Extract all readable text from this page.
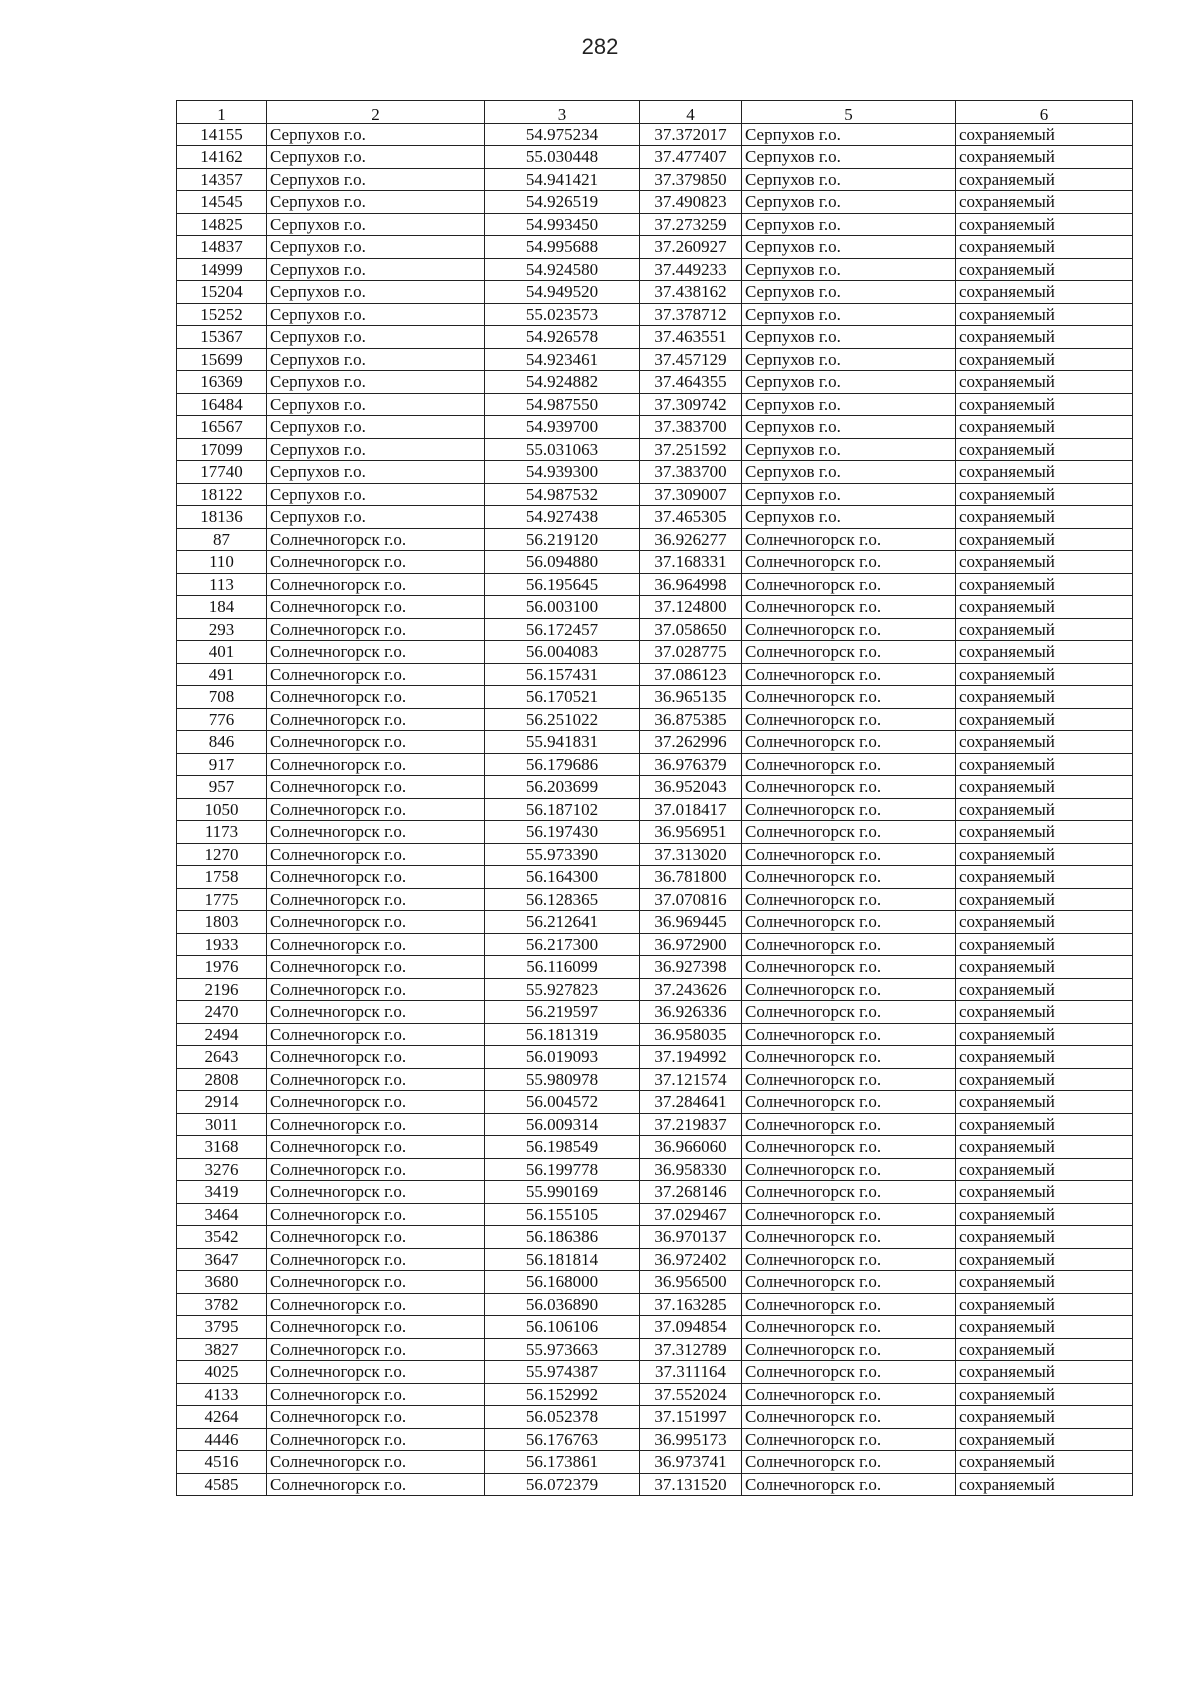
282
1	2	3	4	5	6
14155	Серпухов г.о.	54.975234	37.372017	Серпухов г.о.	сохраняемый
14162	Серпухов г.о.	55.030448	37.477407	Серпухов г.о.	сохраняемый
14357	Серпухов г.о.	54.941421	37.379850	Серпухов г.о.	сохраняемый
14545	Серпухов г.о.	54.926519	37.490823	Серпухов г.о.	сохраняемый
14825	Серпухов г.о.	54.993450	37.273259	Серпухов г.о.	сохраняемый
14837	Серпухов г.о.	54.995688	37.260927	Серпухов г.о.	сохраняемый
14999	Серпухов г.о.	54.924580	37.449233	Серпухов г.о.	сохраняемый
15204	Серпухов г.о.	54.949520	37.438162	Серпухов г.о.	сохраняемый
15252	Серпухов г.о.	55.023573	37.378712	Серпухов г.о.	сохраняемый
15367	Серпухов г.о.	54.926578	37.463551	Серпухов г.о.	сохраняемый
15699	Серпухов г.о.	54.923461	37.457129	Серпухов г.о.	сохраняемый
16369	Серпухов г.о.	54.924882	37.464355	Серпухов г.о.	сохраняемый
16484	Серпухов г.о.	54.987550	37.309742	Серпухов г.о.	сохраняемый
16567	Серпухов г.о.	54.939700	37.383700	Серпухов г.о.	сохраняемый
17099	Серпухов г.о.	55.031063	37.251592	Серпухов г.о.	сохраняемый
17740	Серпухов г.о.	54.939300	37.383700	Серпухов г.о.	сохраняемый
18122	Серпухов г.о.	54.987532	37.309007	Серпухов г.о.	сохраняемый
18136	Серпухов г.о.	54.927438	37.465305	Серпухов г.о.	сохраняемый
87	Солнечногорск г.о.	56.219120	36.926277	Солнечногорск г.о.	сохраняемый
110	Солнечногорск г.о.	56.094880	37.168331	Солнечногорск г.о.	сохраняемый
113	Солнечногорск г.о.	56.195645	36.964998	Солнечногорск г.о.	сохраняемый
184	Солнечногорск г.о.	56.003100	37.124800	Солнечногорск г.о.	сохраняемый
293	Солнечногорск г.о.	56.172457	37.058650	Солнечногорск г.о.	сохраняемый
401	Солнечногорск г.о.	56.004083	37.028775	Солнечногорск г.о.	сохраняемый
491	Солнечногорск г.о.	56.157431	37.086123	Солнечногорск г.о.	сохраняемый
708	Солнечногорск г.о.	56.170521	36.965135	Солнечногорск г.о.	сохраняемый
776	Солнечногорск г.о.	56.251022	36.875385	Солнечногорск г.о.	сохраняемый
846	Солнечногорск г.о.	55.941831	37.262996	Солнечногорск г.о.	сохраняемый
917	Солнечногорск г.о.	56.179686	36.976379	Солнечногорск г.о.	сохраняемый
957	Солнечногорск г.о.	56.203699	36.952043	Солнечногорск г.о.	сохраняемый
1050	Солнечногорск г.о.	56.187102	37.018417	Солнечногорск г.о.	сохраняемый
1173	Солнечногорск г.о.	56.197430	36.956951	Солнечногорск г.о.	сохраняемый
1270	Солнечногорск г.о.	55.973390	37.313020	Солнечногорск г.о.	сохраняемый
1758	Солнечногорск г.о.	56.164300	36.781800	Солнечногорск г.о.	сохраняемый
1775	Солнечногорск г.о.	56.128365	37.070816	Солнечногорск г.о.	сохраняемый
1803	Солнечногорск г.о.	56.212641	36.969445	Солнечногорск г.о.	сохраняемый
1933	Солнечногорск г.о.	56.217300	36.972900	Солнечногорск г.о.	сохраняемый
1976	Солнечногорск г.о.	56.116099	36.927398	Солнечногорск г.о.	сохраняемый
2196	Солнечногорск г.о.	55.927823	37.243626	Солнечногорск г.о.	сохраняемый
2470	Солнечногорск г.о.	56.219597	36.926336	Солнечногорск г.о.	сохраняемый
2494	Солнечногорск г.о.	56.181319	36.958035	Солнечногорск г.о.	сохраняемый
2643	Солнечногорск г.о.	56.019093	37.194992	Солнечногорск г.о.	сохраняемый
2808	Солнечногорск г.о.	55.980978	37.121574	Солнечногорск г.о.	сохраняемый
2914	Солнечногорск г.о.	56.004572	37.284641	Солнечногорск г.о.	сохраняемый
3011	Солнечногорск г.о.	56.009314	37.219837	Солнечногорск г.о.	сохраняемый
3168	Солнечногорск г.о.	56.198549	36.966060	Солнечногорск г.о.	сохраняемый
3276	Солнечногорск г.о.	56.199778	36.958330	Солнечногорск г.о.	сохраняемый
3419	Солнечногорск г.о.	55.990169	37.268146	Солнечногорск г.о.	сохраняемый
3464	Солнечногорск г.о.	56.155105	37.029467	Солнечногорск г.о.	сохраняемый
3542	Солнечногорск г.о.	56.186386	36.970137	Солнечногорск г.о.	сохраняемый
3647	Солнечногорск г.о.	56.181814	36.972402	Солнечногорск г.о.	сохраняемый
3680	Солнечногорск г.о.	56.168000	36.956500	Солнечногорск г.о.	сохраняемый
3782	Солнечногорск г.о.	56.036890	37.163285	Солнечногорск г.о.	сохраняемый
3795	Солнечногорск г.о.	56.106106	37.094854	Солнечногорск г.о.	сохраняемый
3827	Солнечногорск г.о.	55.973663	37.312789	Солнечногорск г.о.	сохраняемый
4025	Солнечногорск г.о.	55.974387	37.311164	Солнечногорск г.о.	сохраняемый
4133	Солнечногорск г.о.	56.152992	37.552024	Солнечногорск г.о.	сохраняемый
4264	Солнечногорск г.о.	56.052378	37.151997	Солнечногорск г.о.	сохраняемый
4446	Солнечногорск г.о.	56.176763	36.995173	Солнечногорск г.о.	сохраняемый
4516	Солнечногорск г.о.	56.173861	36.973741	Солнечногорск г.о.	сохраняемый
4585	Солнечногорск г.о.	56.072379	37.131520	Солнечногорск г.о.	сохраняемый
